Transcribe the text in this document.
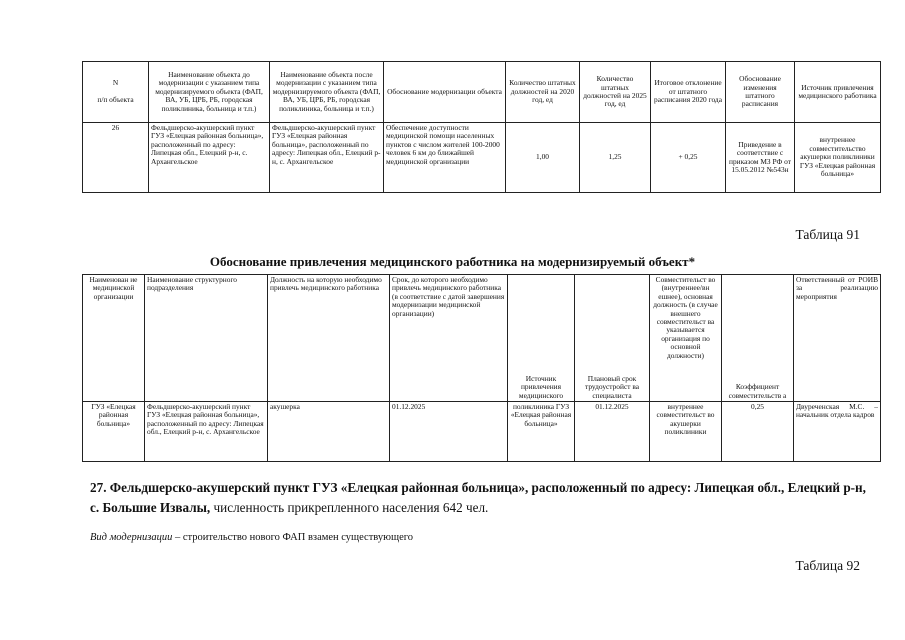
N

п/п объекта	Наименование объекта до модернизации с указанием типа модернизируемого объекта (ФАП, ВА, УБ, ЦРБ, РБ, городская поликлиника, больница и т.п.)	Наименование объекта после модернизации с указанием типа модернизируемого объекта (ФАП, ВА, УБ, ЦРБ, РБ, городская поликлиника, больница и т.п.)	Обоснование модернизации объекта	Количество штатных должностей на 2020 год, ед	Количество штатных должностей на 2025 год, ед	Итоговое отклонение от штатного расписания 2020 года	Обоснование изменения штатного расписания	Источник привлечения медицинского работника
26	Фельдшерско-акушерский пункт ГУЗ «Елецкая районная больница», расположенный по адресу: Липецкая обл., Елецкий р-н, с. Архангельское	Фельдшерско-акушерский пункт ГУЗ «Елецкая районная больница», расположенный по адресу: Липецкая обл., Елецкий р-н, с. Архангельское	Обеспечение доступности медицинской помощи населенных пунктов с числом жителей 100-2000 человек 6 км до ближайшей медицинской организации	1,00	1,25	+ 0,25	Приведение в соответствие с приказом МЗ РФ от 15.05.2012 №543н	внутреннее совместительство акушерки поликлиники ГУЗ «Елецкая районная больница»
Таблица 91
Обоснование привлечения медицинского работника на модернизируемый объект*
Наименован ие медицинской организации	Наименование структурного подразделения	Должность на которую необходимо привлечь медицинского работника	Срок, до которого необходимо привлечь медицинского работника (в соответствие с датой завершения модернизации медицинской организации)	Источник привлечения медицинского	Плановый срок трудоустройст ва специалиста	Совместительст во (внутреннее/вн ешнее), основная должность (в случае внешнего совместительст ва указывается организация по основной должности)	Коэффициент совместительств а	Ответственный от РОИВ за реализацию мероприятия
ГУЗ «Елецкая районная больница»	Фельдшерско-акушерский пункт ГУЗ «Елецкая районная больница», расположенный по адресу: Липецкая обл., Елецкий р-н, с. Архангельское	акушерка	01.12.2025	поликлиника ГУЗ «Елецкая районная больница»	01.12.2025	внутреннее совместительст во акушерки поликлиники	0,25	Двуреченская М.С. – начальник отдела кадров
27. Фельдшерско-акушерский пункт ГУЗ «Елецкая районная больница», расположенный по адресу: Липецкая обл., Елецкий р-н, с. Большие Извалы, численность прикрепленного населения 642 чел.
Вид модернизации – строительство нового ФАП взамен существующего
Таблица 92
